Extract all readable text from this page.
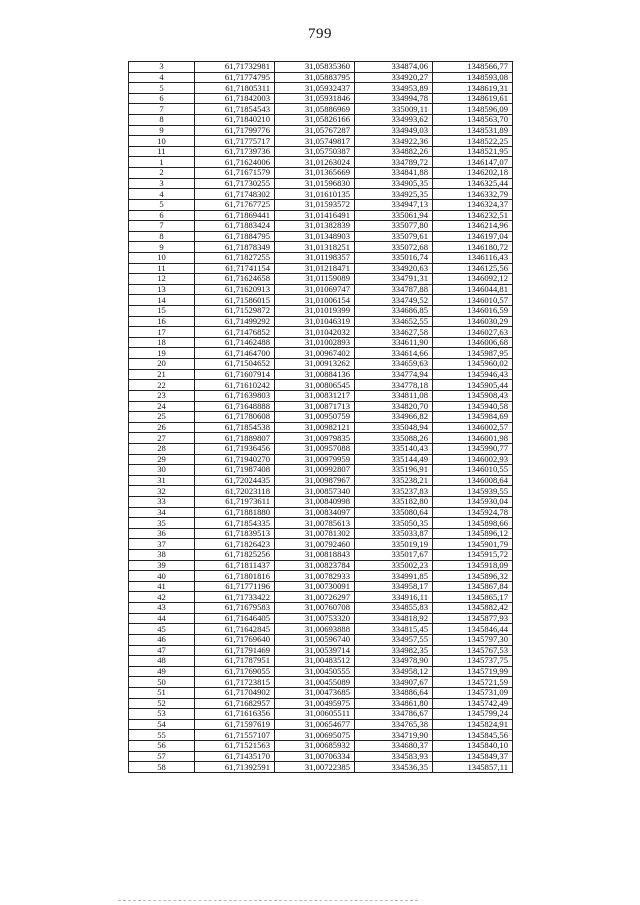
799
3	61,71732981	31,05835360	334874,06	1348566,77
4	61,71774795	31,05883795	334920,27	1348593,08
5	61,71805311	31,05932437	334953,89	1348619,31
6	61,71842003	31,05931846	334994,78	1348619,61
7	61,71854543	31,05886969	335009,11	1348596,09
8	61,71840210	31,05826166	334993,62	1348563,70
9	61,71799776	31,05767287	334949,03	1348531,89
10	61,71775717	31,05749817	334922,36	1348522,25
11	61,71739736	31,05750387	334882,26	1348521,95
1	61,71624006	31,01263024	334789,72	1346147,07
2	61,71671579	31,01365669	334841,88	1346202,18
3	61,71730255	31,01596830	334905,35	1346325,44
4	61,71748302	31,01610135	334925,35	1346332,79
5	61,71767725	31,01593572	334947,13	1346324,37
6	61,71869441	31,01416491	335061,94	1346232,51
7	61,71883424	31,01382839	335077,80	1346214,96
8	61,71884795	31,01348903	335079,61	1346197,04
9	61,71878349	31,01318251	335072,68	1346180,72
10	61,71827255	31,01198357	335016,74	1346116,43
11	61,71741154	31,01218471	334920,63	1346125,56
12	61,71624658	31,01159089	334791,31	1346092,12
13	61,71620913	31,01069747	334787,88	1346044,81
14	61,71586015	31,01006154	334749,52	1346010,57
15	61,71529872	31,01019399	334686,85	1346016,59
16	61,71499292	31,01046319	334652,55	1346030,29
17	61,71476852	31,01042032	334627,58	1346027,63
18	61,71462488	31,01002893	334611,90	1346006,68
19	61,71464700	31,00967402	334614,66	1345987,95
20	61,71504652	31,00913262	334659,63	1345960,02
21	61,71607914	31,00884136	334774,94	1345946,43
22	61,71610242	31,00806545	334778,18	1345905,44
23	61,71639803	31,00831217	334811,08	1345908,43
24	61,71648888	31,00871713	334820,70	1345940,58
25	61,71780608	31,00950759	334966,82	1345984,69
26	61,71854538	31,00982121	335048,94	1346002,57
27	61,71889807	31,00979835	335088,26	1346001,98
28	61,71936456	31,00957088	335140,43	1345990,77
29	61,71940270	31,00979959	335144,49	1346002,93
30	61,71987408	31,00992807	335196,91	1346010,55
31	61,72024435	31,00987967	335238,21	1346008,64
32	61,72023118	31,00857340	335237,83	1345939,55
33	61,71973611	31,00840998	335182,80	1345930,04
34	61,71881880	31,00834097	335080,64	1345924,78
35	61,71854335	31,00785613	335050,35	1345898,66
36	61,71839513	31,00781302	335033,87	1345896,12
37	61,71826423	31,00792460	335019,19	1345901,79
38	61,71825256	31,00818843	335017,67	1345915,72
39	61,71811437	31,00823784	335002,23	1345918,09
40	61,71801816	31,00782933	334991,85	1345896,32
41	61,71771196	31,00730091	334958,17	1345867,84
42	61,71733422	31,00726297	334916,11	1345865,17
43	61,71679583	31,00760708	334855,83	1345882,42
44	61,71646405	31,00753320	334818,92	1345877,93
45	61,71642845	31,00693888	334815,45	1345846,44
46	61,71769640	31,00596740	334957,55	1345797,30
47	61,71791469	31,00539714	334982,35	1345767,53
48	61,71787951	31,00483512	334978,90	1345737,75
49	61,71769055	31,00450555	334958,12	1345719,99
50	61,71723815	31,00455089	334907,67	1345721,59
51	61,71704902	31,00473685	334886,64	1345731,09
52	61,71682957	31,00495975	334861,80	1345742,49
53	61,71616356	31,00605511	334786,67	1345799,24
54	61,71597619	31,00654677	334765,38	1345824,91
55	61,71557107	31,00695075	334719,90	1345845,56
56	61,71521563	31,00685932	334680,37	1345840,10
57	61,71435170	31,00706334	334583,93	1345849,37
58	61,71392591	31,00722385	334536,35	1345857,11
